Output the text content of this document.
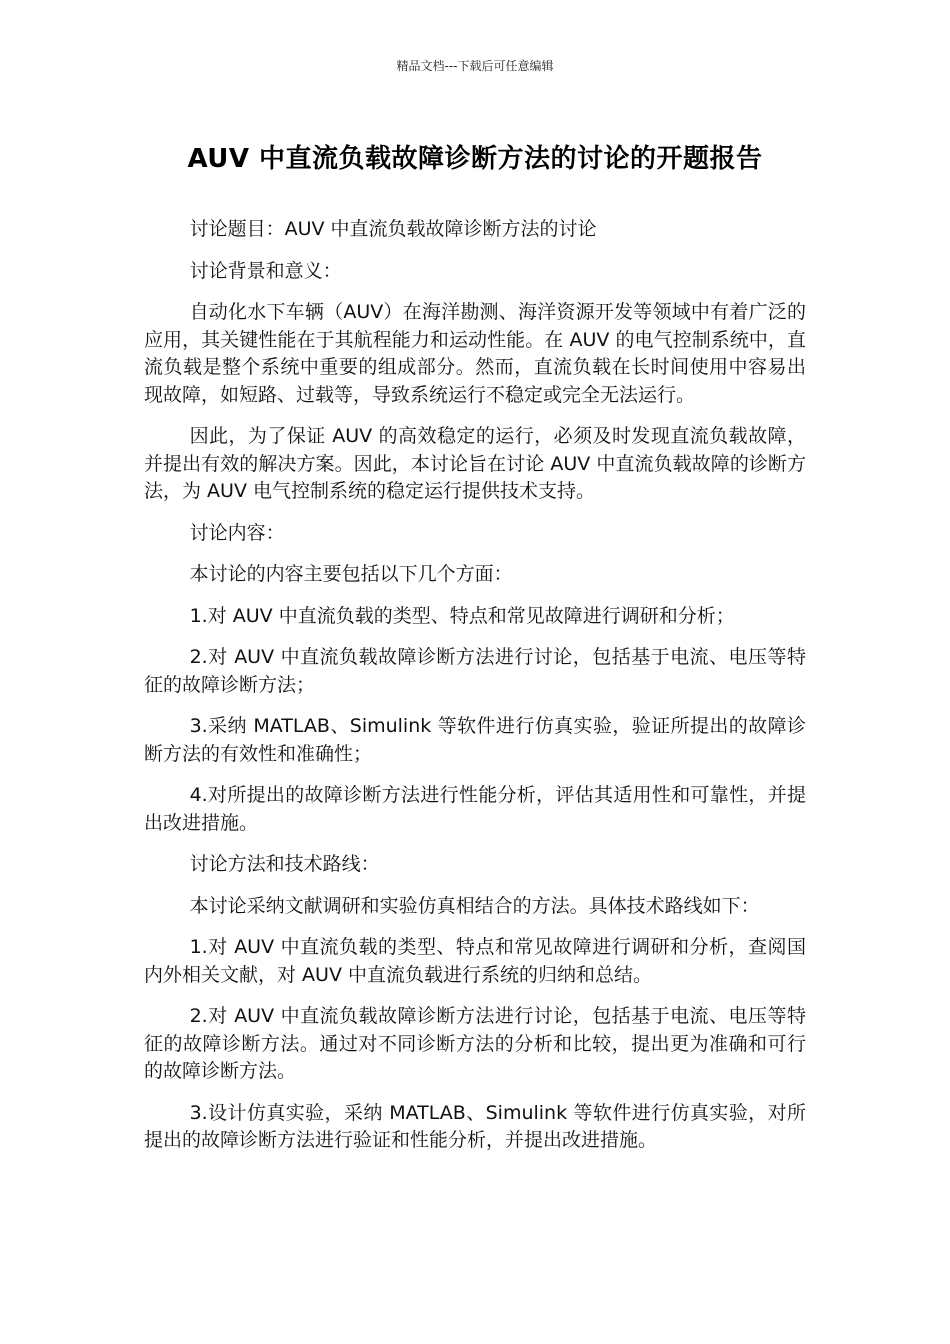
精品文档---下载后可任意编辑
AUV 中直流负载故障诊断方法的讨论的开题报告

讨论题目：AUV 中直流负载故障诊断方法的讨论

讨论背景和意义：

自动化水下车辆（AUV）在海洋勘测、海洋资源开发等领域中有着广泛的应用，其关键性能在于其航程能力和运动性能。在 AUV 的电气控制系统中，直流负载是整个系统中重要的组成部分。然而，直流负载在长时间使用中容易出现故障，如短路、过载等，导致系统运行不稳定或完全无法运行。

因此，为了保证 AUV 的高效稳定的运行，必须及时发现直流负载故障，并提出有效的解决方案。因此，本讨论旨在讨论 AUV 中直流负载故障的诊断方法，为 AUV 电气控制系统的稳定运行提供技术支持。

讨论内容：

本讨论的内容主要包括以下几个方面：

1.对 AUV 中直流负载的类型、特点和常见故障进行调研和分析；

2.对 AUV 中直流负载故障诊断方法进行讨论，包括基于电流、电压等特征的故障诊断方法；

3.采纳 MATLAB、Simulink 等软件进行仿真实验，验证所提出的故障诊断方法的有效性和准确性；

4.对所提出的故障诊断方法进行性能分析，评估其适用性和可靠性，并提出改进措施。

讨论方法和技术路线：

本讨论采纳文献调研和实验仿真相结合的方法。具体技术路线如下：

1.对 AUV 中直流负载的类型、特点和常见故障进行调研和分析，查阅国内外相关文献，对 AUV 中直流负载进行系统的归纳和总结。

2.对 AUV 中直流负载故障诊断方法进行讨论，包括基于电流、电压等特征的故障诊断方法。通过对不同诊断方法的分析和比较，提出更为准确和可行的故障诊断方法。

3.设计仿真实验，采纳 MATLAB、Simulink 等软件进行仿真实验，对所提出的故障诊断方法进行验证和性能分析，并提出改进措施。
